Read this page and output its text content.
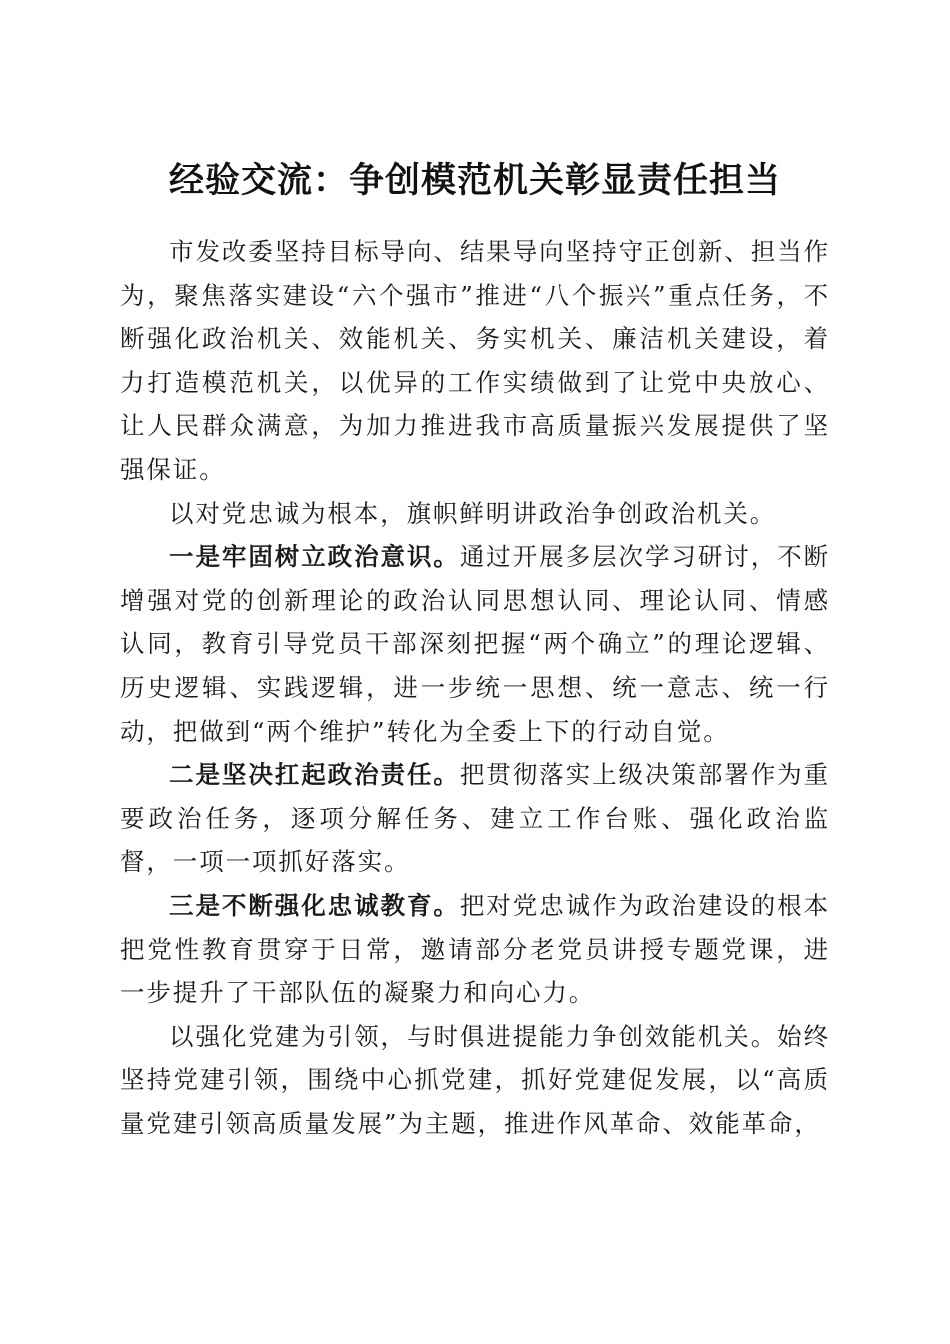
经验交流：争创模范机关彰显责任担当

市发改委坚持目标导向、结果导向坚持守正创新、担当作为，聚焦落实建设“六个强市”推进“八个振兴”重点任务，不断强化政治机关、效能机关、务实机关、廉洁机关建设，着力打造模范机关，以优异的工作实绩做到了让党中央放心、让人民群众满意，为加力推进我市高质量振兴发展提供了坚强保证。

以对党忠诚为根本，旗帜鲜明讲政治争创政治机关。

一是牢固树立政治意识。通过开展多层次学习研讨，不断增强对党的创新理论的政治认同思想认同、理论认同、情感认同，教育引导党员干部深刻把握“两个确立”的理论逻辑、历史逻辑、实践逻辑，进一步统一思想、统一意志、统一行动，把做到“两个维护”转化为全委上下的行动自觉。

二是坚决扛起政治责任。把贯彻落实上级决策部署作为重要政治任务，逐项分解任务、建立工作台账、强化政治监督，一项一项抓好落实。

三是不断强化忠诚教育。把对党忠诚作为政治建设的根本把党性教育贯穿于日常，邀请部分老党员讲授专题党课，进一步提升了干部队伍的凝聚力和向心力。

以强化党建为引领，与时俱进提能力争创效能机关。始终坚持党建引领，围绕中心抓党建，抓好党建促发展，以“高质量党建引领高质量发展”为主题，推进作风革命、效能革命，
